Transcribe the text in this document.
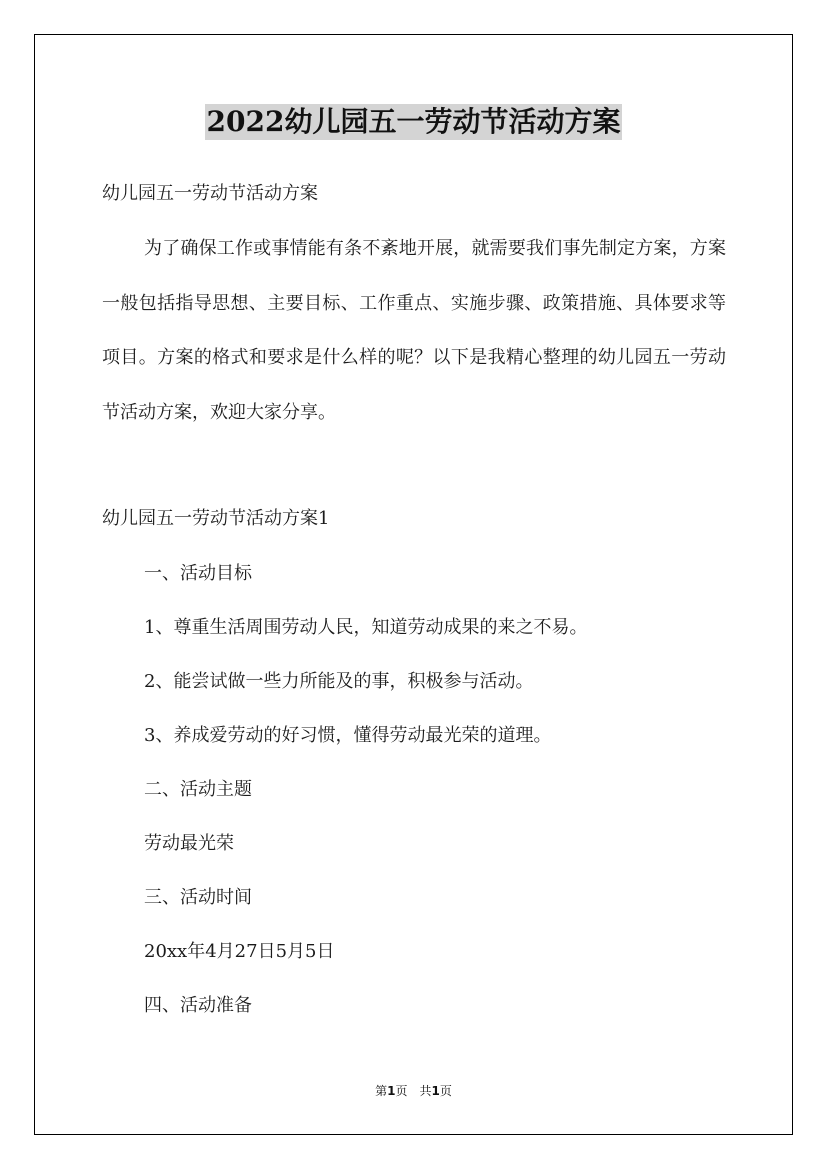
2022幼儿园五一劳动节活动方案
幼儿园五一劳动节活动方案
为了确保工作或事情能有条不紊地开展，就需要我们事先制定方案，方案一般包括指导思想、主要目标、工作重点、实施步骤、政策措施、具体要求等项目。方案的格式和要求是什么样的呢？以下是我精心整理的幼儿园五一劳动节活动方案，欢迎大家分享。
幼儿园五一劳动节活动方案1
一、活动目标
1、尊重生活周围劳动人民，知道劳动成果的来之不易。
2、能尝试做一些力所能及的事，积极参与活动。
3、养成爱劳动的好习惯，懂得劳动最光荣的道理。
二、活动主题
劳动最光荣
三、活动时间
20xx年4月27日5月5日
四、活动准备
第1页 共1页
